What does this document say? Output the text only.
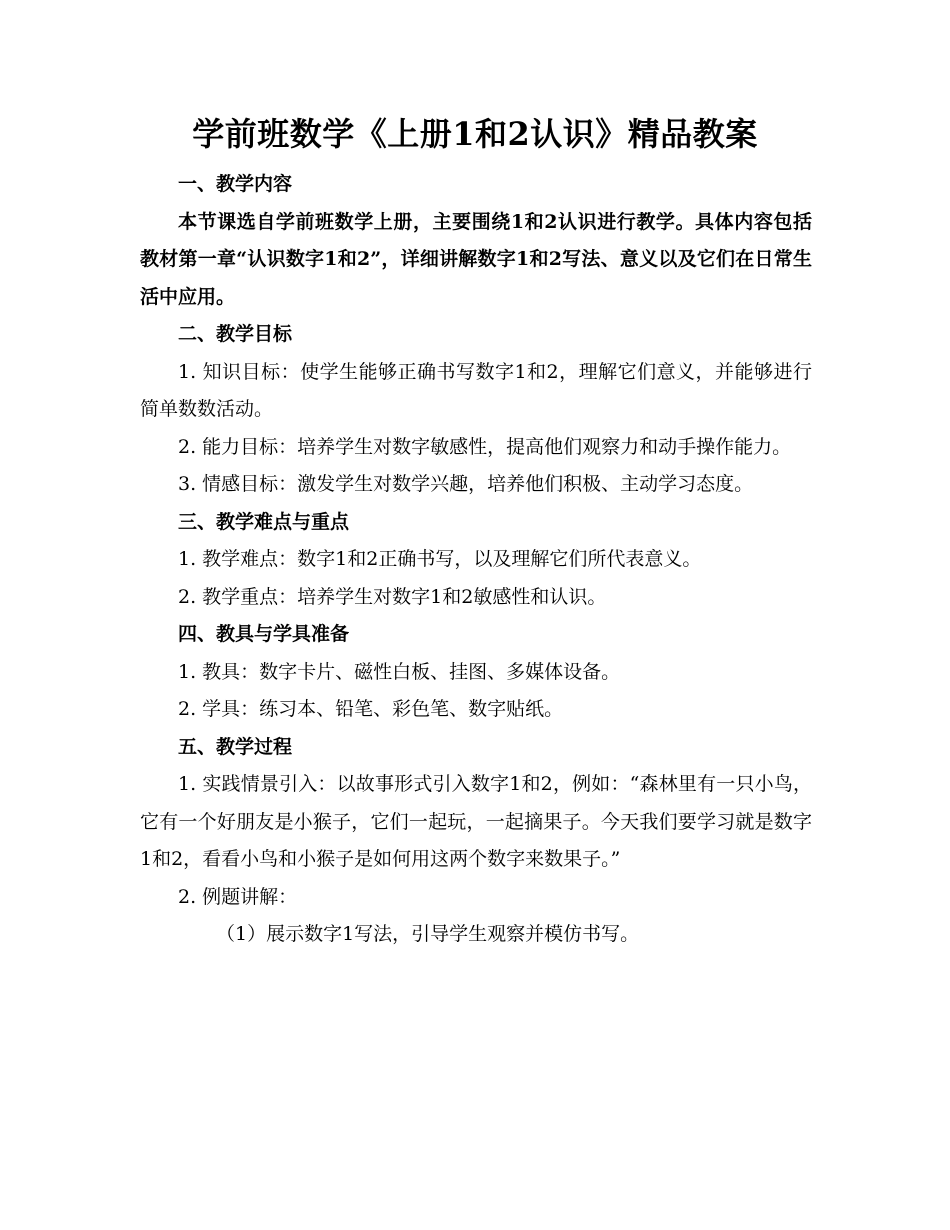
学前班数学《上册1和2认识》精品教案
一、教学内容

本节课选自学前班数学上册，主要围绕1和2认识进行教学。具体内容包括教材第一章“认识数字1和2”，详细讲解数字1和2写法、意义以及它们在日常生活中应用。

二、教学目标

1. 知识目标：使学生能够正确书写数字1和2，理解它们意义，并能够进行简单数数活动。

2. 能力目标：培养学生对数字敏感性，提高他们观察力和动手操作能力。

3. 情感目标：激发学生对数学兴趣，培养他们积极、主动学习态度。

三、教学难点与重点

1. 教学难点：数字1和2正确书写，以及理解它们所代表意义。

2. 教学重点：培养学生对数字1和2敏感性和认识。

四、教具与学具准备

1. 教具：数字卡片、磁性白板、挂图、多媒体设备。

2. 学具：练习本、铅笔、彩色笔、数字贴纸。

五、教学过程

1. 实践情景引入：以故事形式引入数字1和2，例如：“森林里有一只小鸟，它有一个好朋友是小猴子，它们一起玩，一起摘果子。今天我们要学习就是数字1和2，看看小鸟和小猴子是如何用这两个数字来数果子。”

2. 例题讲解：

（1）展示数字1写法，引导学生观察并模仿书写。
